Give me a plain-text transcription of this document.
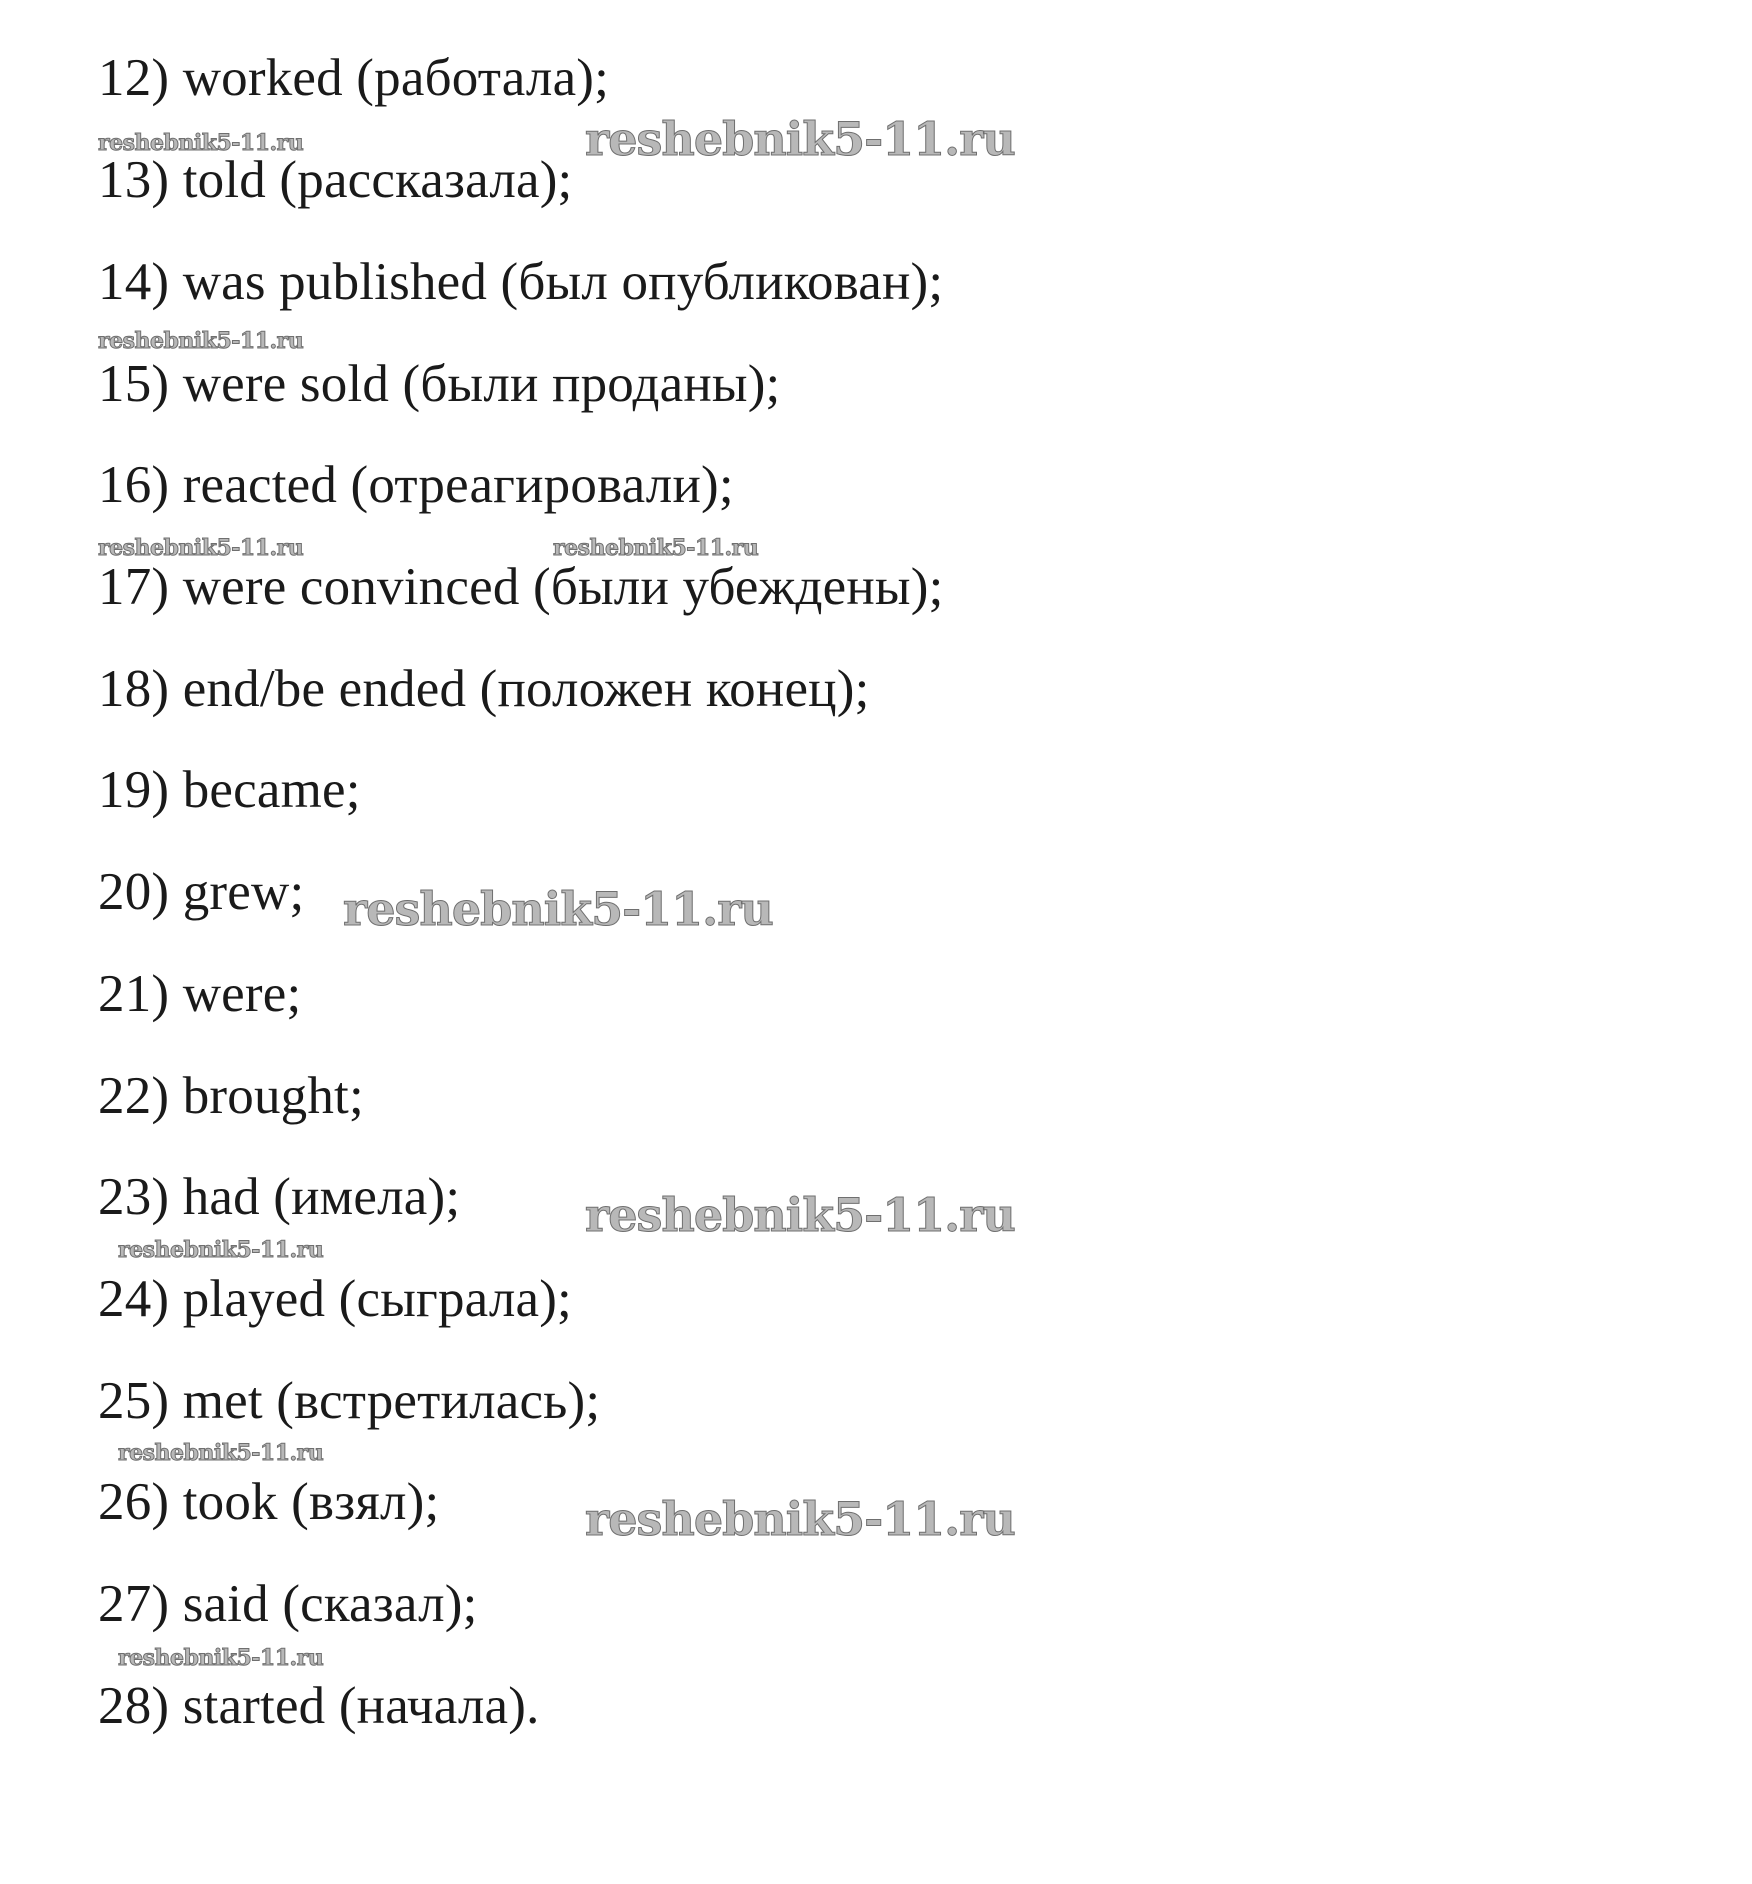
12) worked (работала);
13) told (рассказала);
14) was published (был опубликован);
15) were sold (были проданы);
16) reacted (отреагировали);
17) were convinced (были убеждены);
18) end/be ended (положен конец);
19) became;
20) grew;
21) were;
22) brought;
23) had (имела);
24) played (сыграла);
25) met (встретилась);
26) took (взял);
27) said (сказал);
28) started (начала).
reshebnik5-11.ru	reshebnik5-11.ru
reshebnik5-11.ru
reshebnik5-11.ru	reshebnik5-11.ru
reshebnik5-11.ru
reshebnik5-11.ru
reshebnik5-11.ru
reshebnik5-11.ru
reshebnik5-11.ru
reshebnik5-11.ru
